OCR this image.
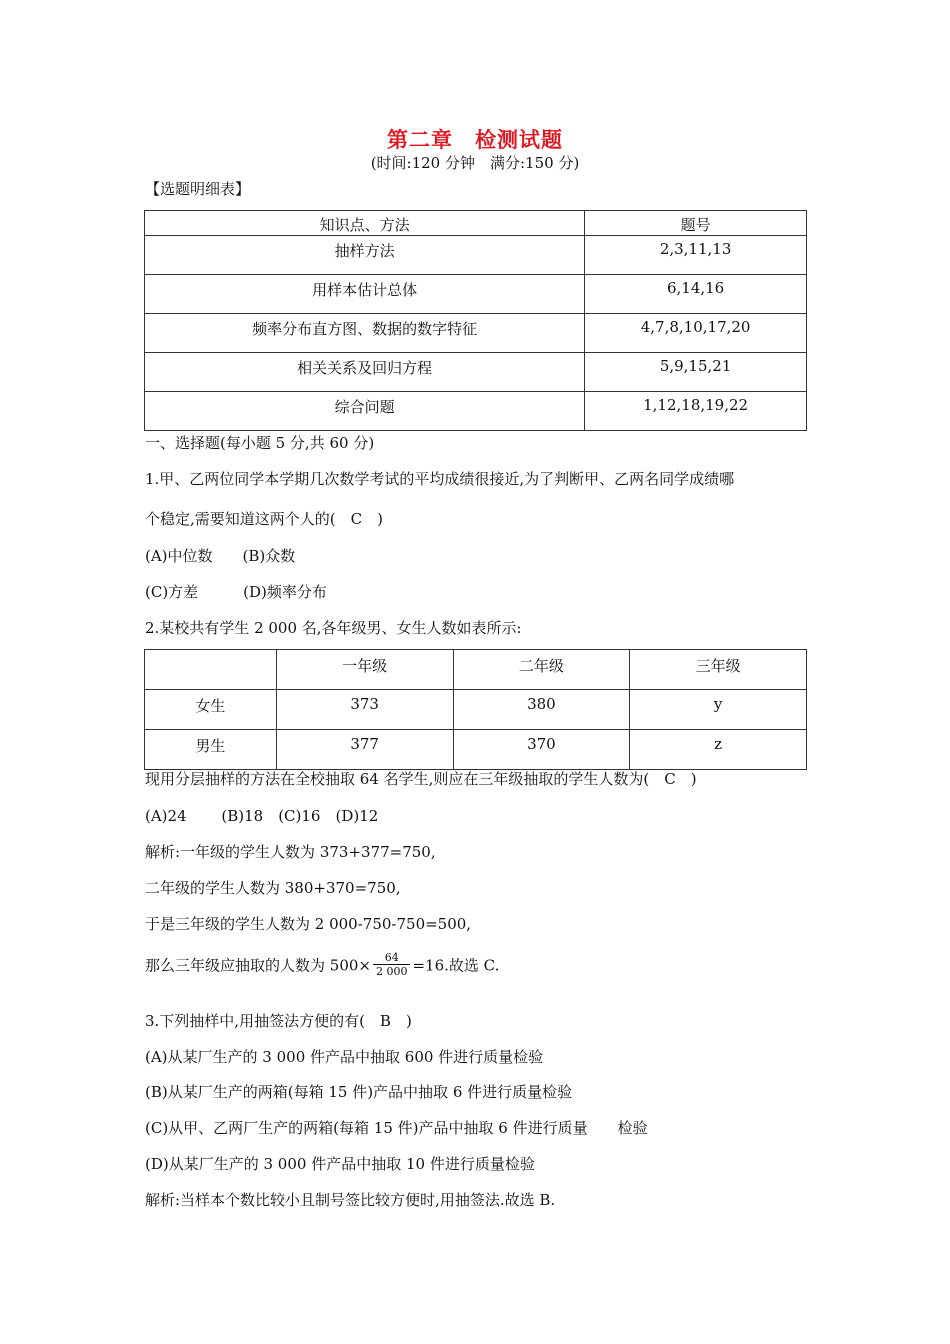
第二章　检测试题
(时间:120 分钟　满分:150 分)
【选题明细表】
知识点、方法	题号
抽样方法	2,3,11,13
用样本估计总体	6,14,16
频率分布直方图、数据的数字特征	4,7,8,10,17,20
相关关系及回归方程	5,9,15,21
综合问题	1,12,18,19,22
一、选择题(每小题 5 分,共 60 分)
1.甲、乙两位同学本学期几次数学考试的平均成绩很接近,为了判断甲、乙两名同学成绩哪
个稳定,需要知道这两个人的(　C　)
(A)中位数　　(B)众数
(C)方差　　　(D)频率分布
2.某校共有学生 2 000 名,各年级男、女生人数如表所示:
	一年级	二年级	三年级
女生	373	380	y
男生	377	370	z
现用分层抽样的方法在全校抽取 64 名学生,则应在三年级抽取的学生人数为(　C　)
(A)24　　 (B)18　(C)16　(D)12
解析:一年级的学生人数为 373+377=750,
二年级的学生人数为 380+370=750,
于是三年级的学生人数为 2 000-750-750=500,
那么三年级应抽取的人数为 $500\times \frac{64}{2 000} =16$.故选 C.
3.下列抽样中,用抽签法方便的有(　B　)
(A)从某厂生产的 3 000 件产品中抽取 600 件进行质量检验
(B)从某厂生产的两箱(每箱 15 件)产品中抽取 6 件进行质量检验
(C)从甲、乙两厂生产的两箱(每箱 15 件)产品中抽取 6 件进行质量　　检验
(D)从某厂生产的 3 000 件产品中抽取 10 件进行质量检验
解析:当样本个数比较小且制号签比较方便时,用抽签法.故选 B.
